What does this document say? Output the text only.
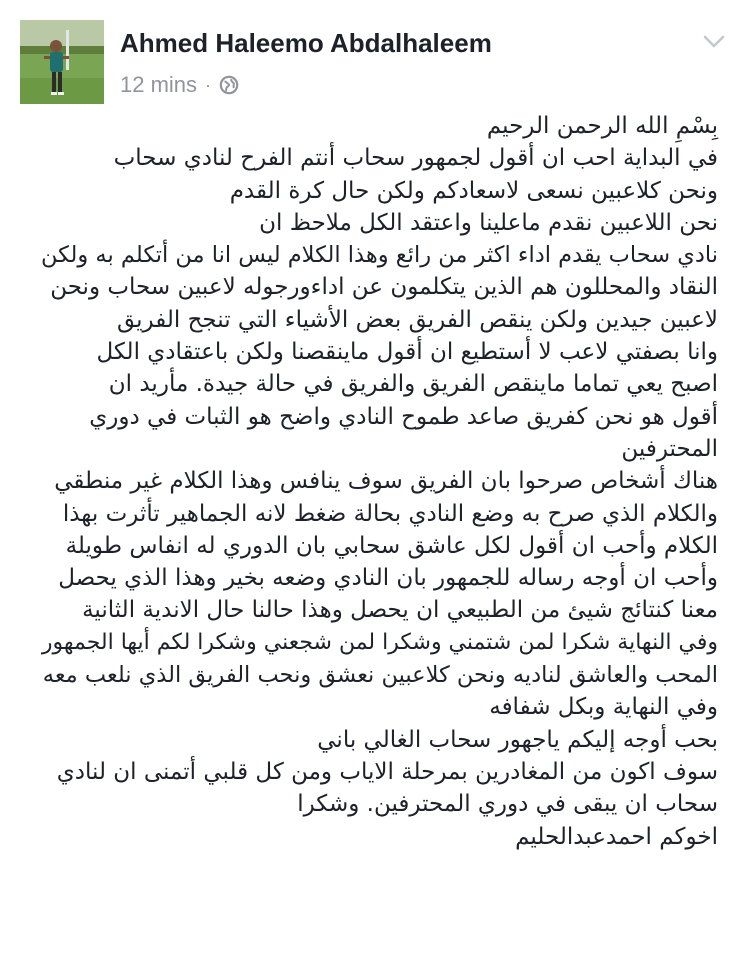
Ahmed Haleemo Abdalhaleem
12 mins ·
بِسْمِ الله الرحمن الرحيم
في البداية احب ان أقول لجمهور سحاب أنتم الفرح لنادي سحاب
ونحن كلاعبين نسعى لاسعادكم ولكن حال كرة القدم
نحن اللاعبين نقدم ماعلينا واعتقد الكل ملاحظ ان
نادي سحاب يقدم اداء اكثر من رائع وهذا الكلام ليس انا من أتكلم به ولكن
النقاد والمحللون هم الذين يتكلمون عن اداءورجوله لاعبين سحاب ونحن
لاعبين جيدين ولكن ينقص الفريق بعض الأشياء التي تنجح الفريق
وانا بصفتي لاعب لا أستطيع ان أقول ماينقصنا ولكن باعتقادي الكل
اصبح يعي تماما ماينقص الفريق والفريق في حالة جيدة. مأريد ان
أقول هو نحن كفريق صاعد طموح النادي واضح هو الثبات في دوري
المحترفين
هناك أشخاص صرحوا بان الفريق سوف ينافس وهذا الكلام غير منطقي
والكلام الذي صرح به وضع النادي بحالة ضغط لانه الجماهير تأثرت بهذا
الكلام وأحب ان أقول لكل عاشق سحابي بان الدوري له انفاس طويلة
وأحب ان أوجه رساله للجمهور بان النادي وضعه بخير وهذا الذي يحصل
معنا كنتائج شيئ من الطبيعي ان يحصل وهذا حالنا حال الاندية الثانية
وفي النهاية شكرا لمن شتمني وشكرا لمن شجعني وشكرا لكم أيها الجمهور
المحب والعاشق لناديه ونحن كلاعبين نعشق ونحب الفريق الذي نلعب معه
وفي النهاية وبكل شفافه
بحب أوجه إليكم ياجهور سحاب الغالي باني
سوف اكون من المغادرين بمرحلة الاياب ومن كل قلبي أتمنى ان لنادي
سحاب ان يبقى في دوري المحترفين. وشكرا
اخوكم احمدعبدالحليم
